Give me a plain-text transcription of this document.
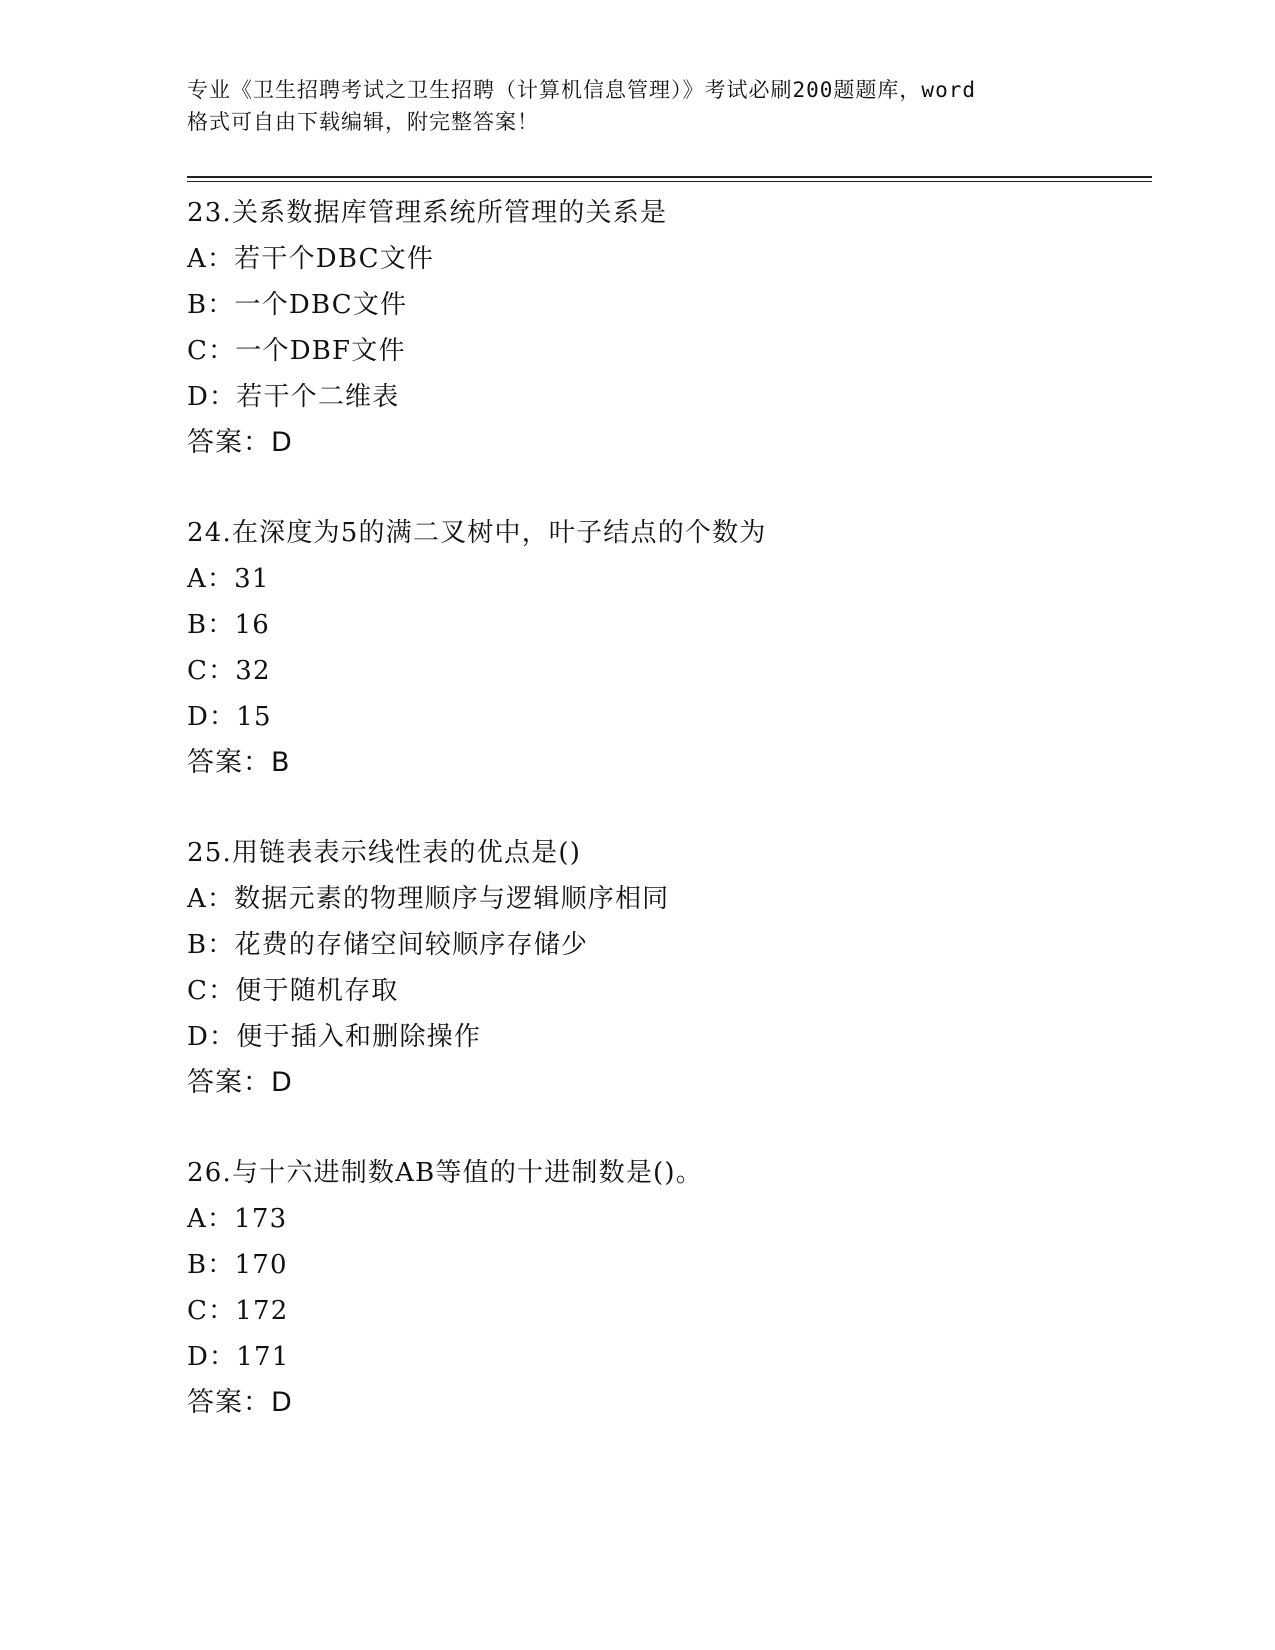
专业《卫生招聘考试之卫生招聘（计算机信息管理）》考试必刷200题题库，word
格式可自由下载编辑，附完整答案！
23.关系数据库管理系统所管理的关系是
A：若干个DBC文件
B：一个DBC文件
C：一个DBF文件
D：若干个二维表
答案：D
24.在深度为5的满二叉树中，叶子结点的个数为
A：31
B：16
C：32
D：15
答案：B
25.用链表表示线性表的优点是()
A：数据元素的物理顺序与逻辑顺序相同
B：花费的存储空间较顺序存储少
C：便于随机存取
D：便于插入和删除操作
答案：D
26.与十六进制数AB等值的十进制数是()。
A：173
B：170
C：172
D：171
答案：D
